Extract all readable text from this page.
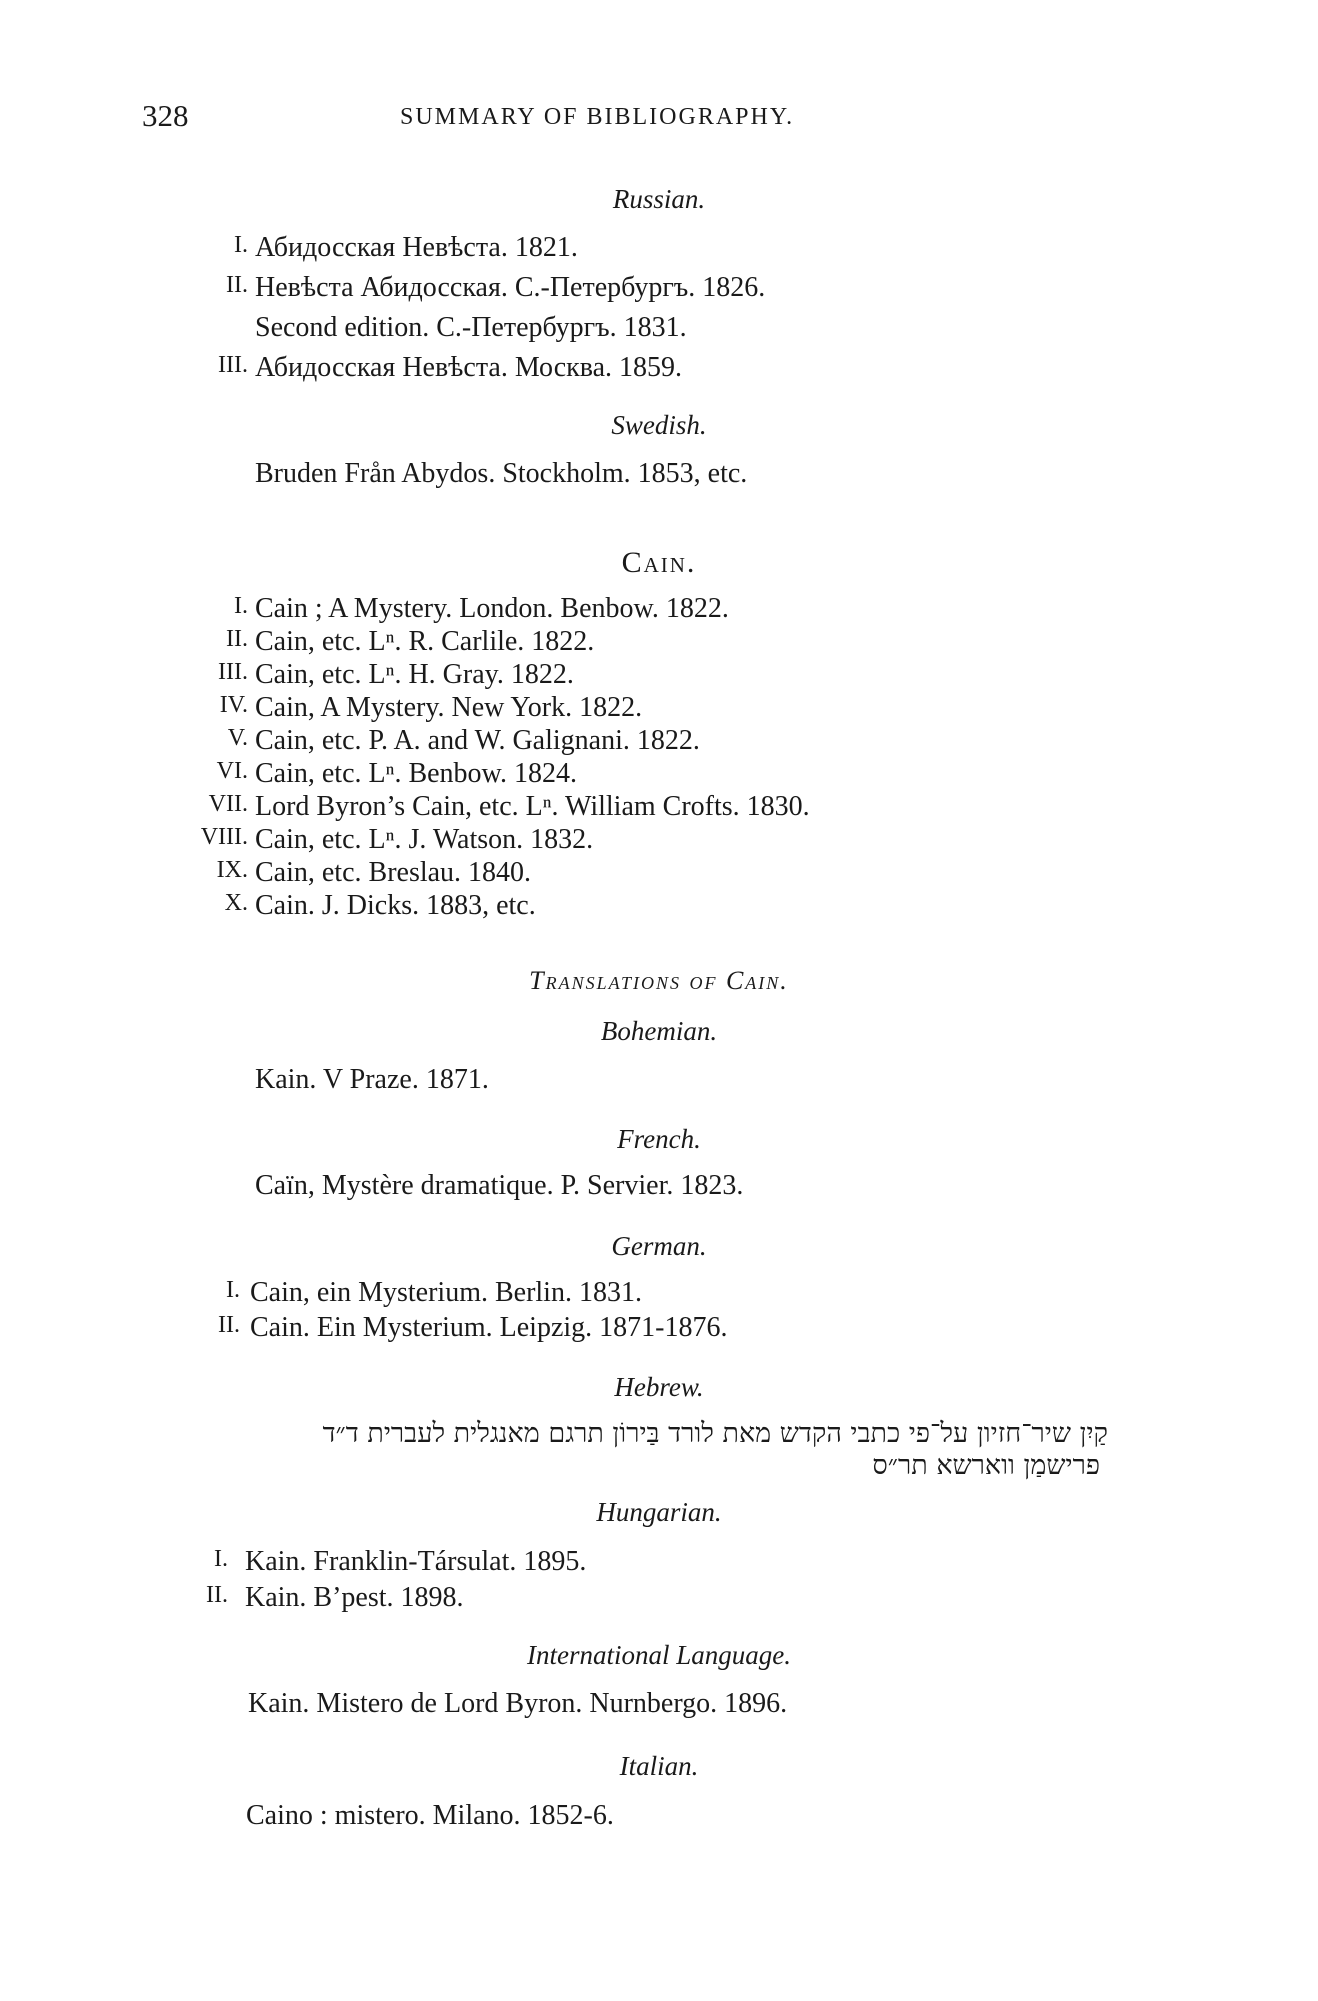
328	SUMMARY OF BIBLIOGRAPHY.
Russian.
I. Абидосская Невѣста. 1821.
II. Невѣста Абидосская. С.-Петербургъ. 1826.
Second edition. С.-Петербургъ. 1831.
III. Абидосская Невѣста. Москва. 1859.
Swedish.
Bruden Från Abydos. Stockholm. 1853, etc.
Cain.
I. Cain ; A Mystery. London. Benbow. 1822.
II. Cain, etc. Lⁿ. R. Carlile. 1822.
III. Cain, etc. Lⁿ. H. Gray. 1822.
IV. Cain, A Mystery. New York. 1822.
V. Cain, etc. P. A. and W. Galignani. 1822.
VI. Cain, etc. Lⁿ. Benbow. 1824.
VII. Lord Byron’s Cain, etc. Lⁿ. William Crofts. 1830.
VIII. Cain, etc. Lⁿ. J. Watson. 1832.
IX. Cain, etc. Breslau. 1840.
X. Cain. J. Dicks. 1883, etc.
Translations of Cain.
Bohemian.
Kain. V Praze. 1871.
French.
Caïn, Mystère dramatique. P. Servier. 1823.
German.
I. Cain, ein Mysterium. Berlin. 1831.
II. Cain. Ein Mysterium. Leipzig. 1871-1876.
Hebrew.
קַיִן שיר־חזיון על־פי כתבי הקדש מאת לורד בַּירוֹן תרגם מאנגלית לעברית ד״ד
פרישמַן ווארשא תר״ס
Hungarian.
I. Kain. Franklin-Társulat. 1895.
II. Kain. B’pest. 1898.
International Language.
Kain. Mistero de Lord Byron. Nurnbergo. 1896.
Italian.
Caino : mistero. Milano. 1852-6.
